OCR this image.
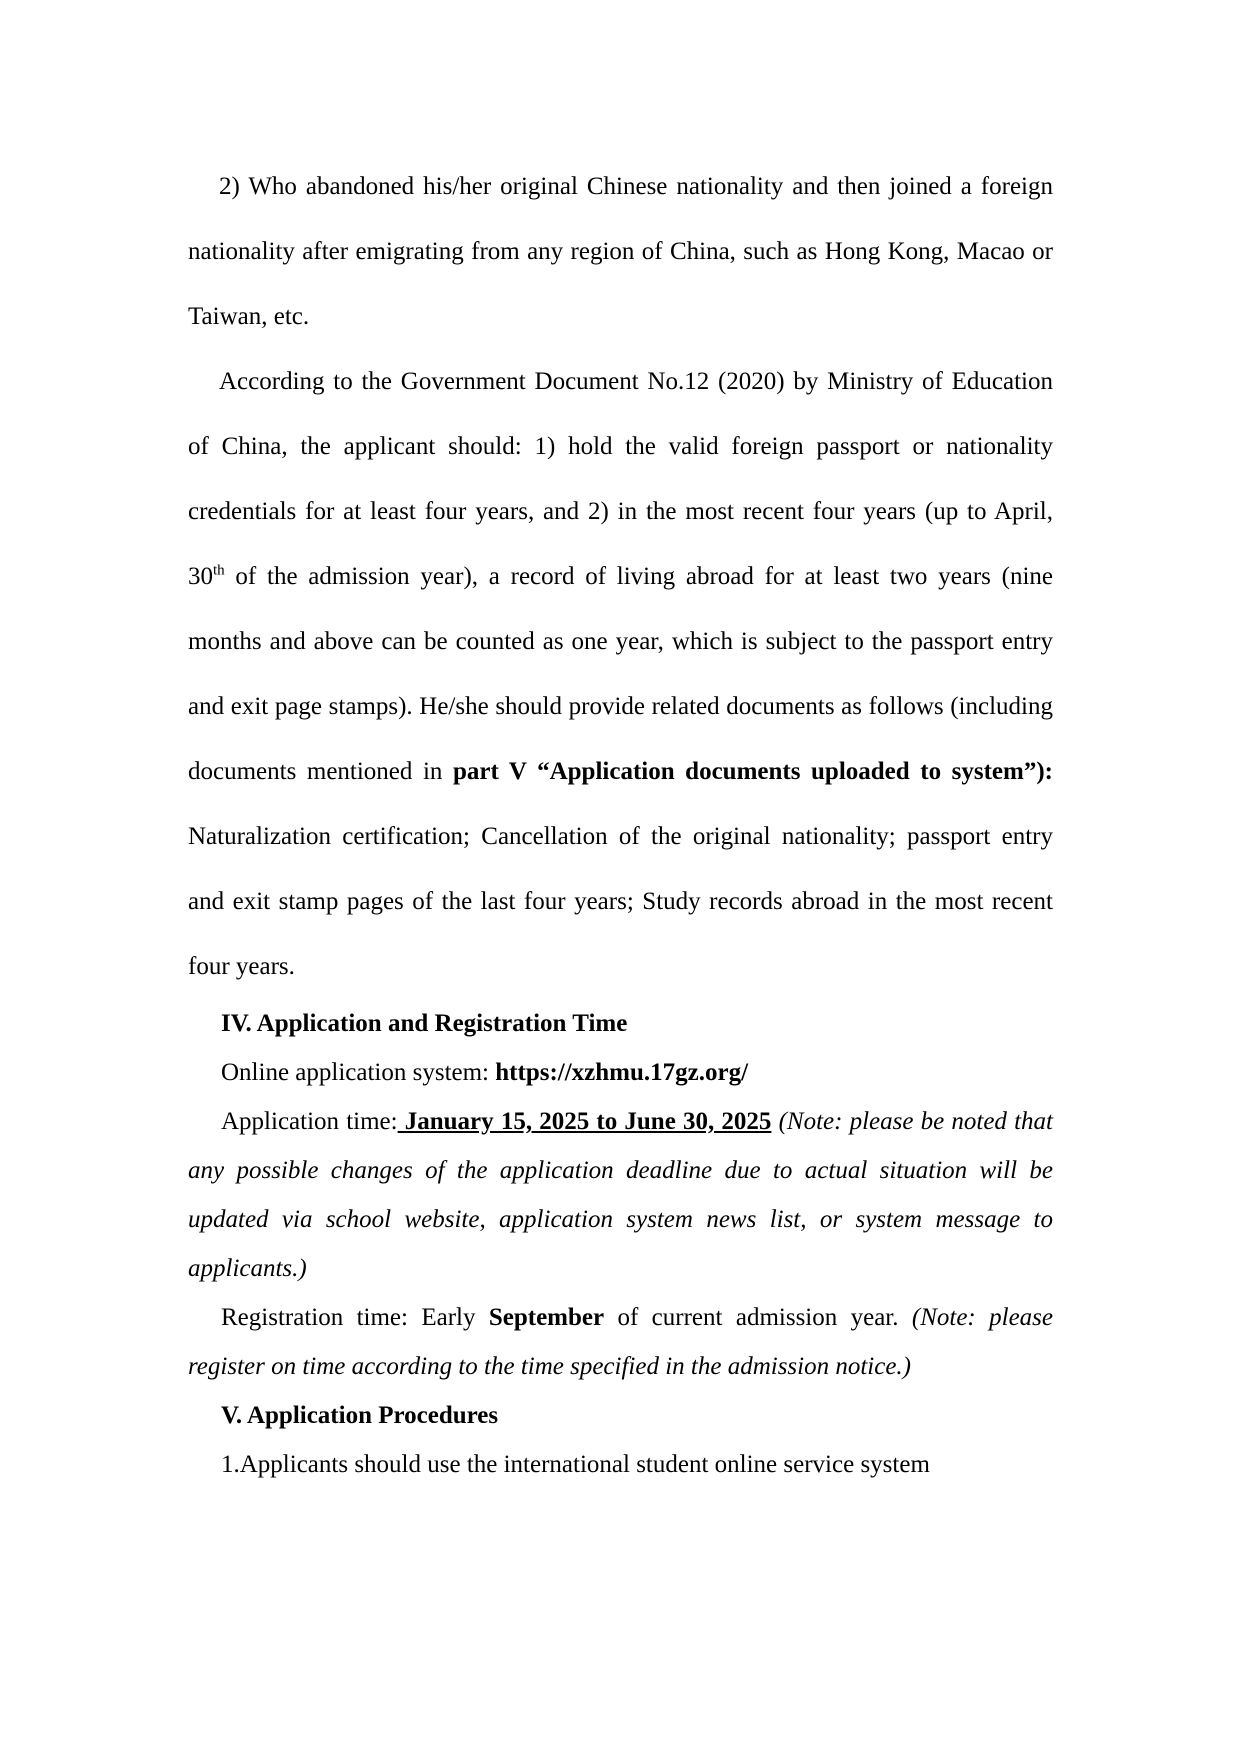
2) Who abandoned his/her original Chinese nationality and then joined a foreign nationality after emigrating from any region of China, such as Hong Kong, Macao or Taiwan, etc.

According to the Government Document No.12 (2020) by Ministry of Education of China, the applicant should: 1) hold the valid foreign passport or nationality credentials for at least four years, and 2) in the most recent four years (up to April, 30th of the admission year), a record of living abroad for at least two years (nine months and above can be counted as one year, which is subject to the passport entry and exit page stamps). He/she should provide related documents as follows (including documents mentioned in part V “Application documents uploaded to system”): Naturalization certification; Cancellation of the original nationality; passport entry and exit stamp pages of the last four years; Study records abroad in the most recent four years.

IV. Application and Registration Time

Online application system: https://xzhmu.17gz.org/

Application time: January 15, 2025 to June 30, 2025 (Note: please be noted that any possible changes of the application deadline due to actual situation will be updated via school website, application system news list, or system message to applicants.)

Registration time: Early September of current admission year. (Note: please register on time according to the time specified in the admission notice.)

V. Application Procedures

1.Applicants should use the international student online service system
